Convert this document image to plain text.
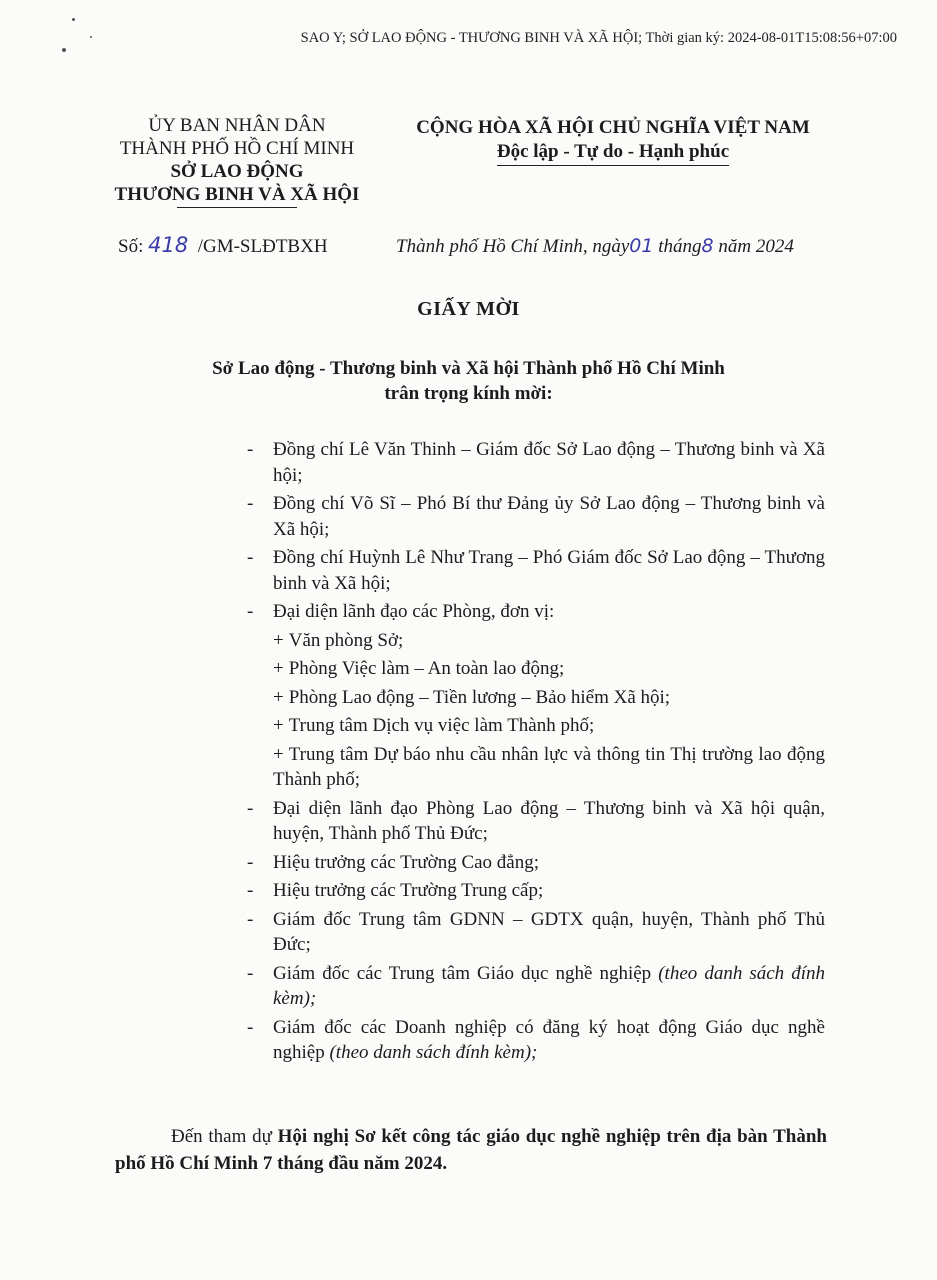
SAO Y; SỞ LAO ĐỘNG - THƯƠNG BINH VÀ XÃ HỘI; Thời gian ký: 2024-08-01T15:08:56+07:00
ỦY BAN NHÂN DÂN
THÀNH PHỐ HỒ CHÍ MINH
SỞ LAO ĐỘNG
THƯƠNG BINH VÀ XÃ HỘI
CỘNG HÒA XÃ HỘI CHỦ NGHĨA VIỆT NAM
Độc lập - Tự do - Hạnh phúc
Số: 418 /GM-SLĐTBXH	Thành phố Hồ Chí Minh, ngày01 tháng8 năm 2024
GIẤY MỜI
Sở Lao động - Thương binh và Xã hội Thành phố Hồ Chí Minh
trân trọng kính mời:
- Đồng chí Lê Văn Thinh – Giám đốc Sở Lao động – Thương binh và Xã hội;
- Đồng chí Võ Sĩ – Phó Bí thư Đảng ủy Sở Lao động – Thương binh và Xã hội;
- Đồng chí Huỳnh Lê Như Trang – Phó Giám đốc Sở Lao động – Thương binh và Xã hội;
- Đại diện lãnh đạo các Phòng, đơn vị:
+ Văn phòng Sở;
+ Phòng Việc làm – An toàn lao động;
+ Phòng Lao động – Tiền lương – Bảo hiểm Xã hội;
+ Trung tâm Dịch vụ việc làm Thành phố;
+ Trung tâm Dự báo nhu cầu nhân lực và thông tin Thị trường lao động Thành phố;
- Đại diện lãnh đạo Phòng Lao động – Thương binh và Xã hội quận, huyện, Thành phố Thủ Đức;
- Hiệu trưởng các Trường Cao đẳng;
- Hiệu trưởng các Trường Trung cấp;
- Giám đốc Trung tâm GDNN – GDTX quận, huyện, Thành phố Thủ Đức;
- Giám đốc các Trung tâm Giáo dục nghề nghiệp (theo danh sách đính kèm);
- Giám đốc các Doanh nghiệp có đăng ký hoạt động Giáo dục nghề nghiệp (theo danh sách đính kèm);
Đến tham dự Hội nghị Sơ kết công tác giáo dục nghề nghiệp trên địa bàn Thành phố Hồ Chí Minh 7 tháng đầu năm 2024.
